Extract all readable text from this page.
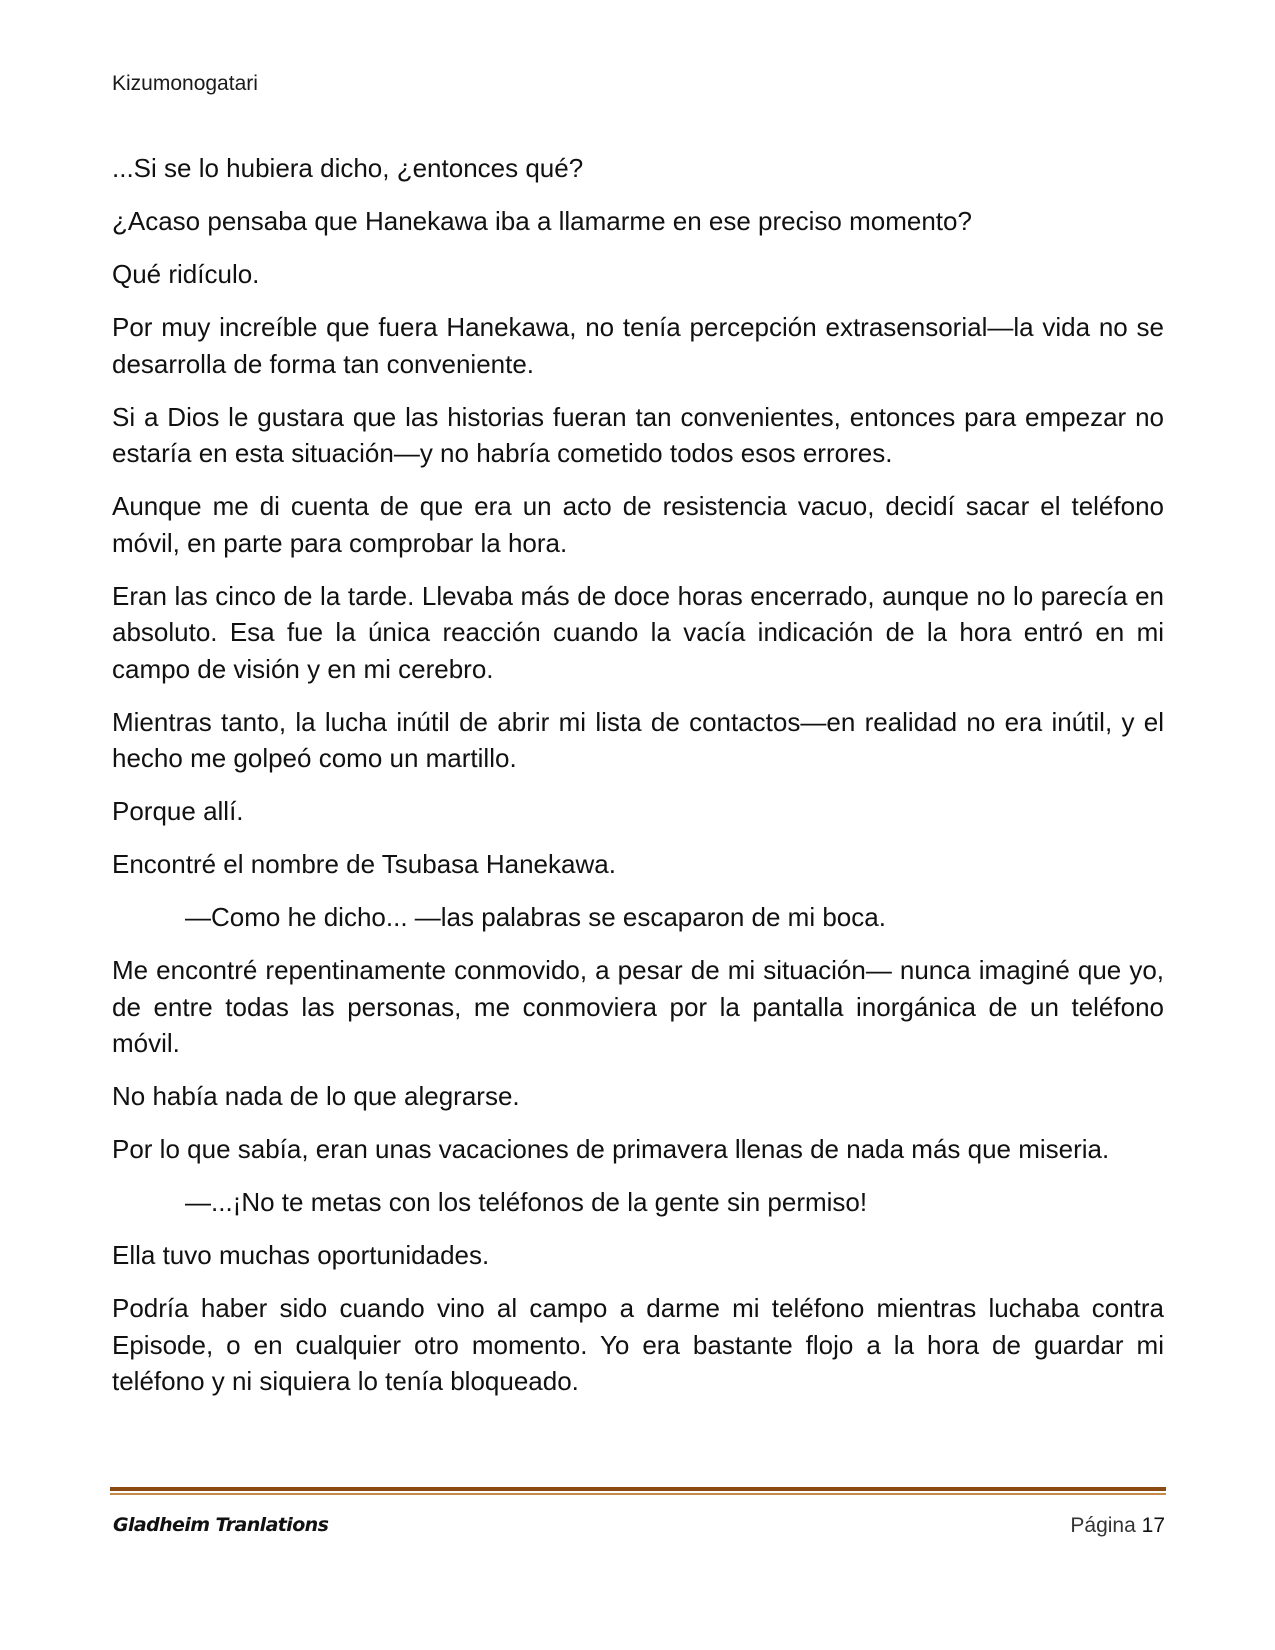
Kizumonogatari

...Si se lo hubiera dicho, ¿entonces qué?

¿Acaso pensaba que Hanekawa iba a llamarme en ese preciso momento?

Qué ridículo.

Por muy increíble que fuera Hanekawa, no tenía percepción extrasensorial—la vida no se desarrolla de forma tan conveniente.

Si a Dios le gustara que las historias fueran tan convenientes, entonces para empezar no estaría en esta situación—y no habría cometido todos esos errores.

Aunque me di cuenta de que era un acto de resistencia vacuo, decidí sacar el teléfono móvil, en parte para comprobar la hora.

Eran las cinco de la tarde. Llevaba más de doce horas encerrado, aunque no lo parecía en absoluto. Esa fue la única reacción cuando la vacía indicación de la hora entró en mi campo de visión y en mi cerebro.

Mientras tanto, la lucha inútil de abrir mi lista de contactos—en realidad no era inútil, y el hecho me golpeó como un martillo.

Porque allí.

Encontré el nombre de Tsubasa Hanekawa.

—Como he dicho... —las palabras se escaparon de mi boca.

Me encontré repentinamente conmovido, a pesar de mi situación— nunca imaginé que yo, de entre todas las personas, me conmoviera por la pantalla inorgánica de un teléfono móvil.

No había nada de lo que alegrarse.

Por lo que sabía, eran unas vacaciones de primavera llenas de nada más que miseria.

—...¡No te metas con los teléfonos de la gente sin permiso!

Ella tuvo muchas oportunidades.

Podría haber sido cuando vino al campo a darme mi teléfono mientras luchaba contra Episode, o en cualquier otro momento. Yo era bastante flojo a la hora de guardar mi teléfono y ni siquiera lo tenía bloqueado.

Gladheim Tranlations	Página 17
